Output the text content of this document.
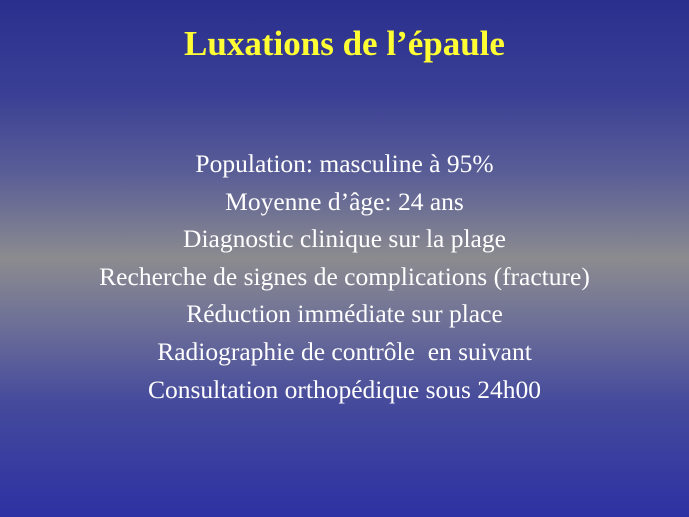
Luxations de l’épaule
Population: masculine à 95%
Moyenne d’âge: 24 ans
Diagnostic clinique sur la plage
Recherche de signes de complications (fracture)
Réduction immédiate sur place
Radiographie de contrôle  en suivant
Consultation orthopédique sous 24h00
